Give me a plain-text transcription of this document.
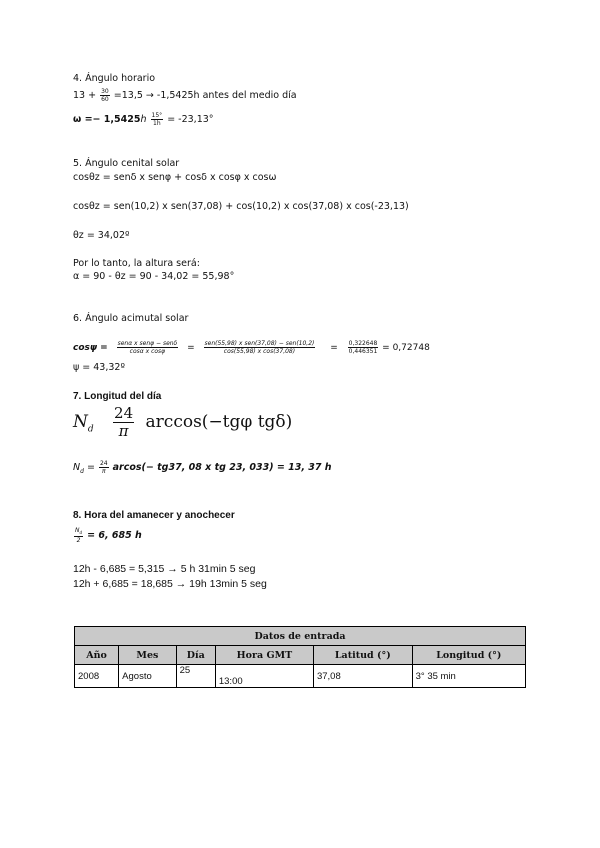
4. Ángulo horario
$13 + \frac{30}{60} =13,5 \to -1,5425h$ antes del medio día
$\omega =- 1,5425h \frac{15^\circ}{1h} = -23,13^\circ$
5. Ángulo cenital solar
cosθz = senδ x senφ + cosδ x cosφ x cosω
cosθz = sen(10,2) x sen(37,08) + cos(10,2) x cos(37,08) x cos(-23,13)
θz = 34,02º
Por lo tanto, la altura será:
α = 90 - θz = 90 - 34,02 = 55,98°
6. Ángulo acimutal solar
$\cos\psi = \frac{\text{senα x senφ − senδ}}{\text{cosα x cosφ}} = \frac{\text{sen(55,98) x sen(37,08) − sen(10,2)}}{\text{cos(55,98) x cos(37,08)}} = \frac{0,322648}{0,446351} = 0,72748$
ψ = 43,32º
7. Longitud del día
$N_d \frac{24}{\pi} \arccos(-tg\varphi$ tgδ)
$N_d = \frac{24}{\pi} arcos(- tg37$, 08 x tg 23, 033) = 13, 37 h
8. Hora del amanecer y anochecer
$\frac{N_d}{2} = 6$, 685 h
12h - 6,685 = 5,315 → 5 h 31min 5 seg
12h + 6,685 = 18,685 → 19h 13min 5 seg
Datos de entrada					
Año	Mes	Día	Hora GMT	Latitud (°)	Longitud (°)
2008	Agosto	25	13:00	37,08	3° 35 min
